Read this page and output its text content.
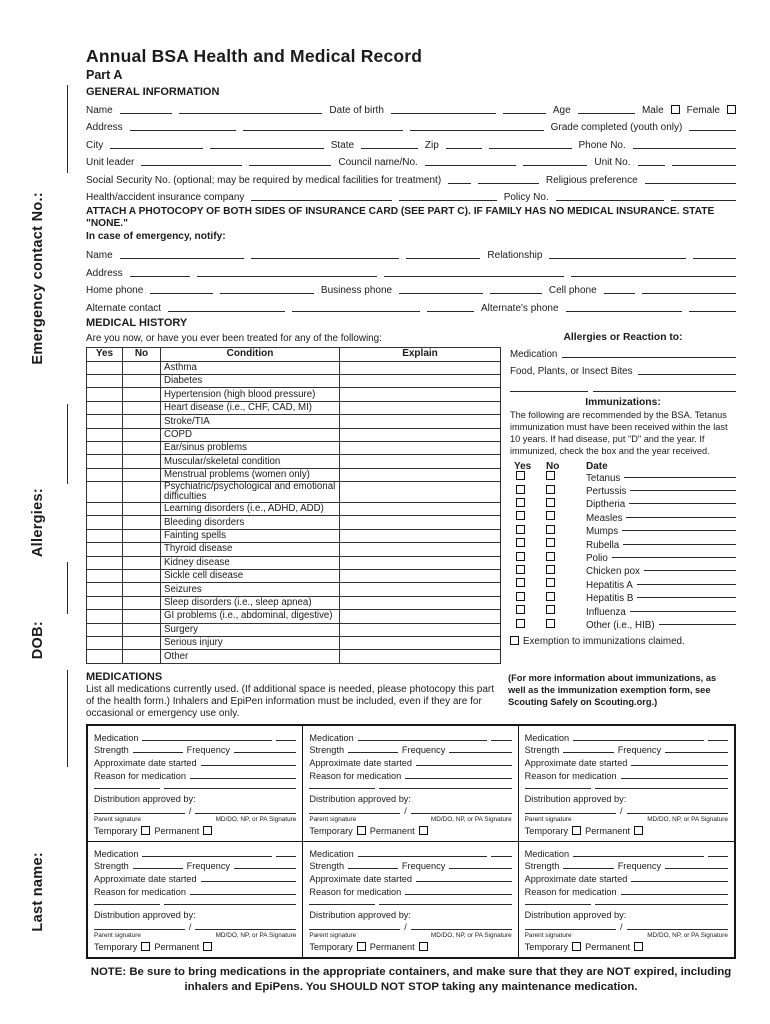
Emergency contact No.:
Allergies:
DOB:
Last name:
Annual BSA Health and Medical Record
Part A
GENERAL INFORMATION
Name	Date of birth	Age	Male Female
Address	Grade completed (youth only)
City	State	Zip	Phone No.
Unit leader	Council name/No.	Unit No.
Social Security No. (optional; may be required by medical facilities for treatment)	Religious preference
Health/accident insurance company	Policy No.
ATTACH A PHOTOCOPY OF BOTH SIDES OF INSURANCE CARD (SEE PART C). IF FAMILY HAS NO MEDICAL INSURANCE. STATE "NONE."
In case of emergency, notify:
Name	Relationship
Address
Home phone	Business phone	Cell phone
Alternate contact	Alternate's phone
MEDICAL HISTORY
Are you now, or have you ever been treated for any of the following:
Yes	No	Condition	Explain
		Asthma	
		Diabetes	
		Hypertension (high blood pressure)	
		Heart disease (i.e., CHF, CAD, MI)	
		Stroke/TIA	
		COPD	
		Ear/sinus problems	
		Muscular/skeletal condition	
		Menstrual problems (women only)	
		Psychiatric/psychological and emotional difficulties	
		Learning disorders (i.e., ADHD, ADD)	
		Bleeding disorders	
		Fainting spells	
		Thyroid disease	
		Kidney disease	
		Sickle cell disease	
		Seizures	
		Sleep disorders (i.e., sleep apnea)	
		GI problems (i.e., abdominal, digestive)	
		Surgery	
		Serious injury	
		Other	
Allergies or Reaction to:
Medication
Food, Plants, or Insect Bites
Immunizations:
The following are recommended by the BSA. Tetanus immunization must have been received within the last 10 years. If had disease, put "D" and the year. If immunized, check the box and the year received.
Yes	No	Date
Tetanus
Pertussis
Diptheria
Measles
Mumps
Rubella
Polio
Chicken pox
Hepatitis A
Hepatitis B
Influenza
Other (i.e., HIB)
Exemption to immunizations claimed.
MEDICATIONS
List all medications currently used. (If additional space is needed, please photocopy this part of the health form.) Inhalers and EpiPen information must be included, even if they are for occasional or emergency use only.
(For more information about immunizations, as well as the immunization exemption form, see Scouting Safely on Scouting.org.)
Medication
Strength	Frequency
Approximate date started
Reason for medication
Distribution approved by:
/
Parent signature	MD/DO, NP, or PA Signature
Temporary Permanent
Medication
Strength	Frequency
Approximate date started
Reason for medication
Distribution approved by:
/
Parent signature	MD/DO, NP, or PA Signature
Temporary Permanent
Medication
Strength	Frequency
Approximate date started
Reason for medication
Distribution approved by:
/
Parent signature	MD/DO, NP, or PA Signature
Temporary Permanent
Medication
Strength	Frequency
Approximate date started
Reason for medication
Distribution approved by:
/
Parent signature	MD/DO, NP, or PA Signature
Temporary Permanent
Medication
Strength	Frequency
Approximate date started
Reason for medication
Distribution approved by:
/
Parent signature	MD/DO, NP, or PA Signature
Temporary Permanent
Medication
Strength	Frequency
Approximate date started
Reason for medication
Distribution approved by:
/
Parent signature	MD/DO, NP, or PA Signature
Temporary Permanent
NOTE: Be sure to bring medications in the appropriate containers, and make sure that they are NOT expired, including inhalers and EpiPens. You SHOULD NOT STOP taking any maintenance medication.
